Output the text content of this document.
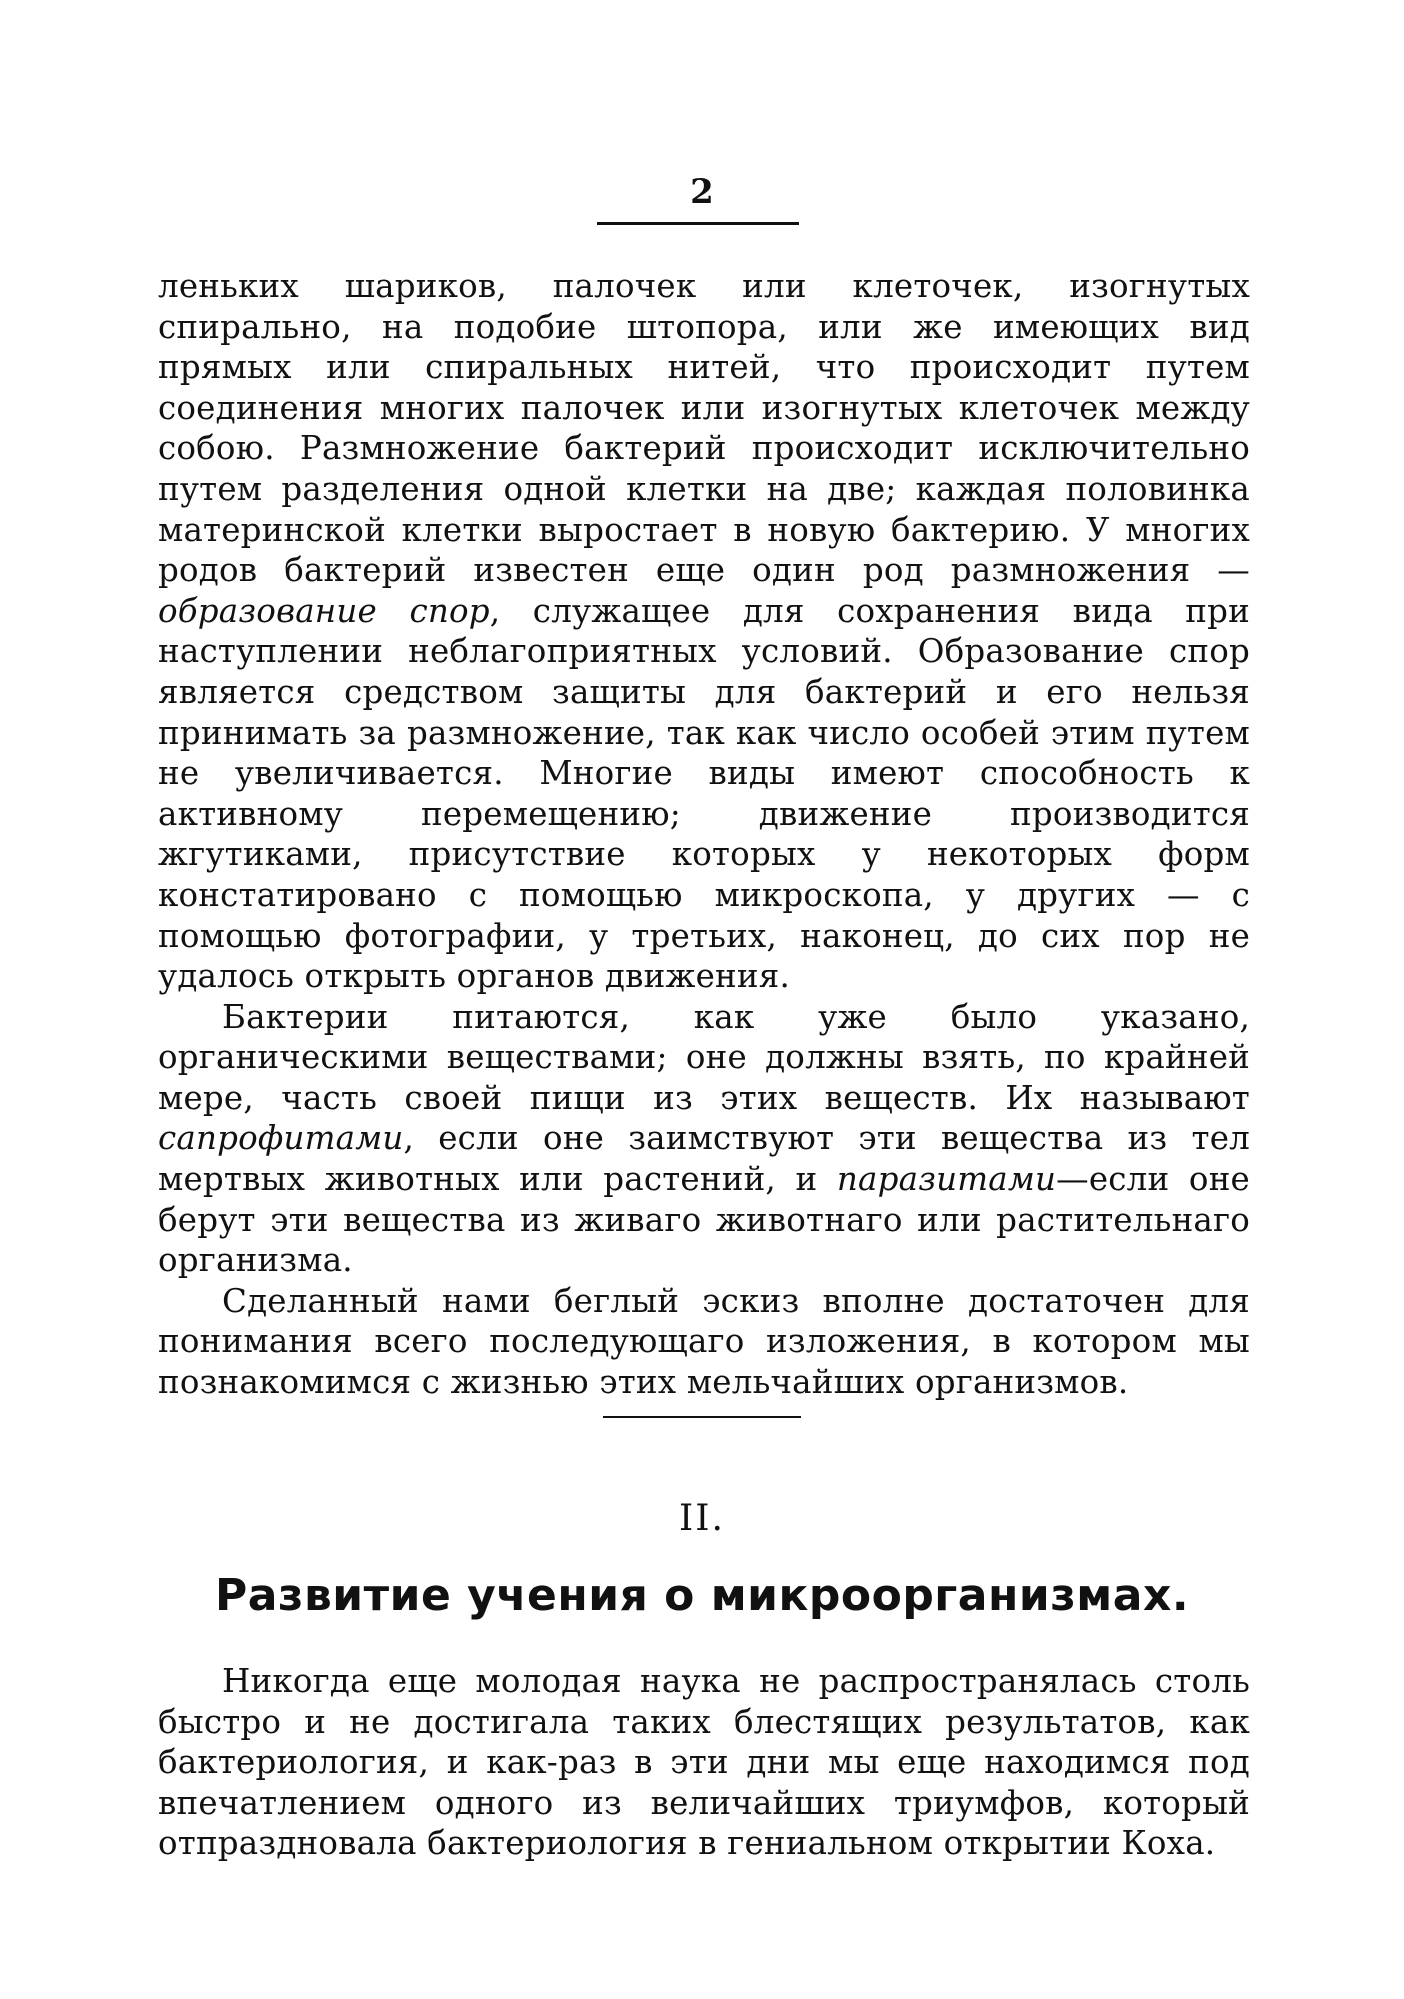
2

леньких шариков, палочек или клеточек, изогнутых спирально, на подобие штопора, или же имеющих вид прямых или спиральных нитей, что происходит путем соединения многих палочек или изогнутых клеточек между собою. Размножение бактерий происходит исключительно путем разделения одной клетки на две; каждая половинка материнской клетки выростает в новую бактерию. У многих родов бактерий известен еще один род размножения — образование спор, служащее для сохранения вида при наступлении неблагоприятных условий. Образование спор является средством защиты для бактерий и его нельзя принимать за размножение, так как число особей этим путем не увеличивается. Многие виды имеют способность к активному перемещению; движение производится жгутиками, присутствие которых у некоторых форм констатировано с помощью микроскопа, у других — с помощью фотографии, у третьих, наконец, до сих пор не удалось открыть органов движения.

Бактерии питаются, как уже было указано, органическими веществами; оне должны взять, по крайней мере, часть своей пищи из этих веществ. Их называют сапрофитами, если оне заимствуют эти вещества из тел мертвых животных или растений, и паразитами—если оне берут эти вещества из живаго животнаго или растительнаго организма.

Сделанный нами беглый эскиз вполне достаточен для понимания всего последующаго изложения, в котором мы познакомимся с жизнью этих мельчайших организмов.

II.
Развитие учения о микроорганизмах.

Никогда еще молодая наука не распространялась столь быстро и не достигала таких блестящих результатов, как бактериология, и как-раз в эти дни мы еще находимся под впечатлением одного из величайших триумфов, который отпраздновала бактериология в гениальном открытии Коха.
